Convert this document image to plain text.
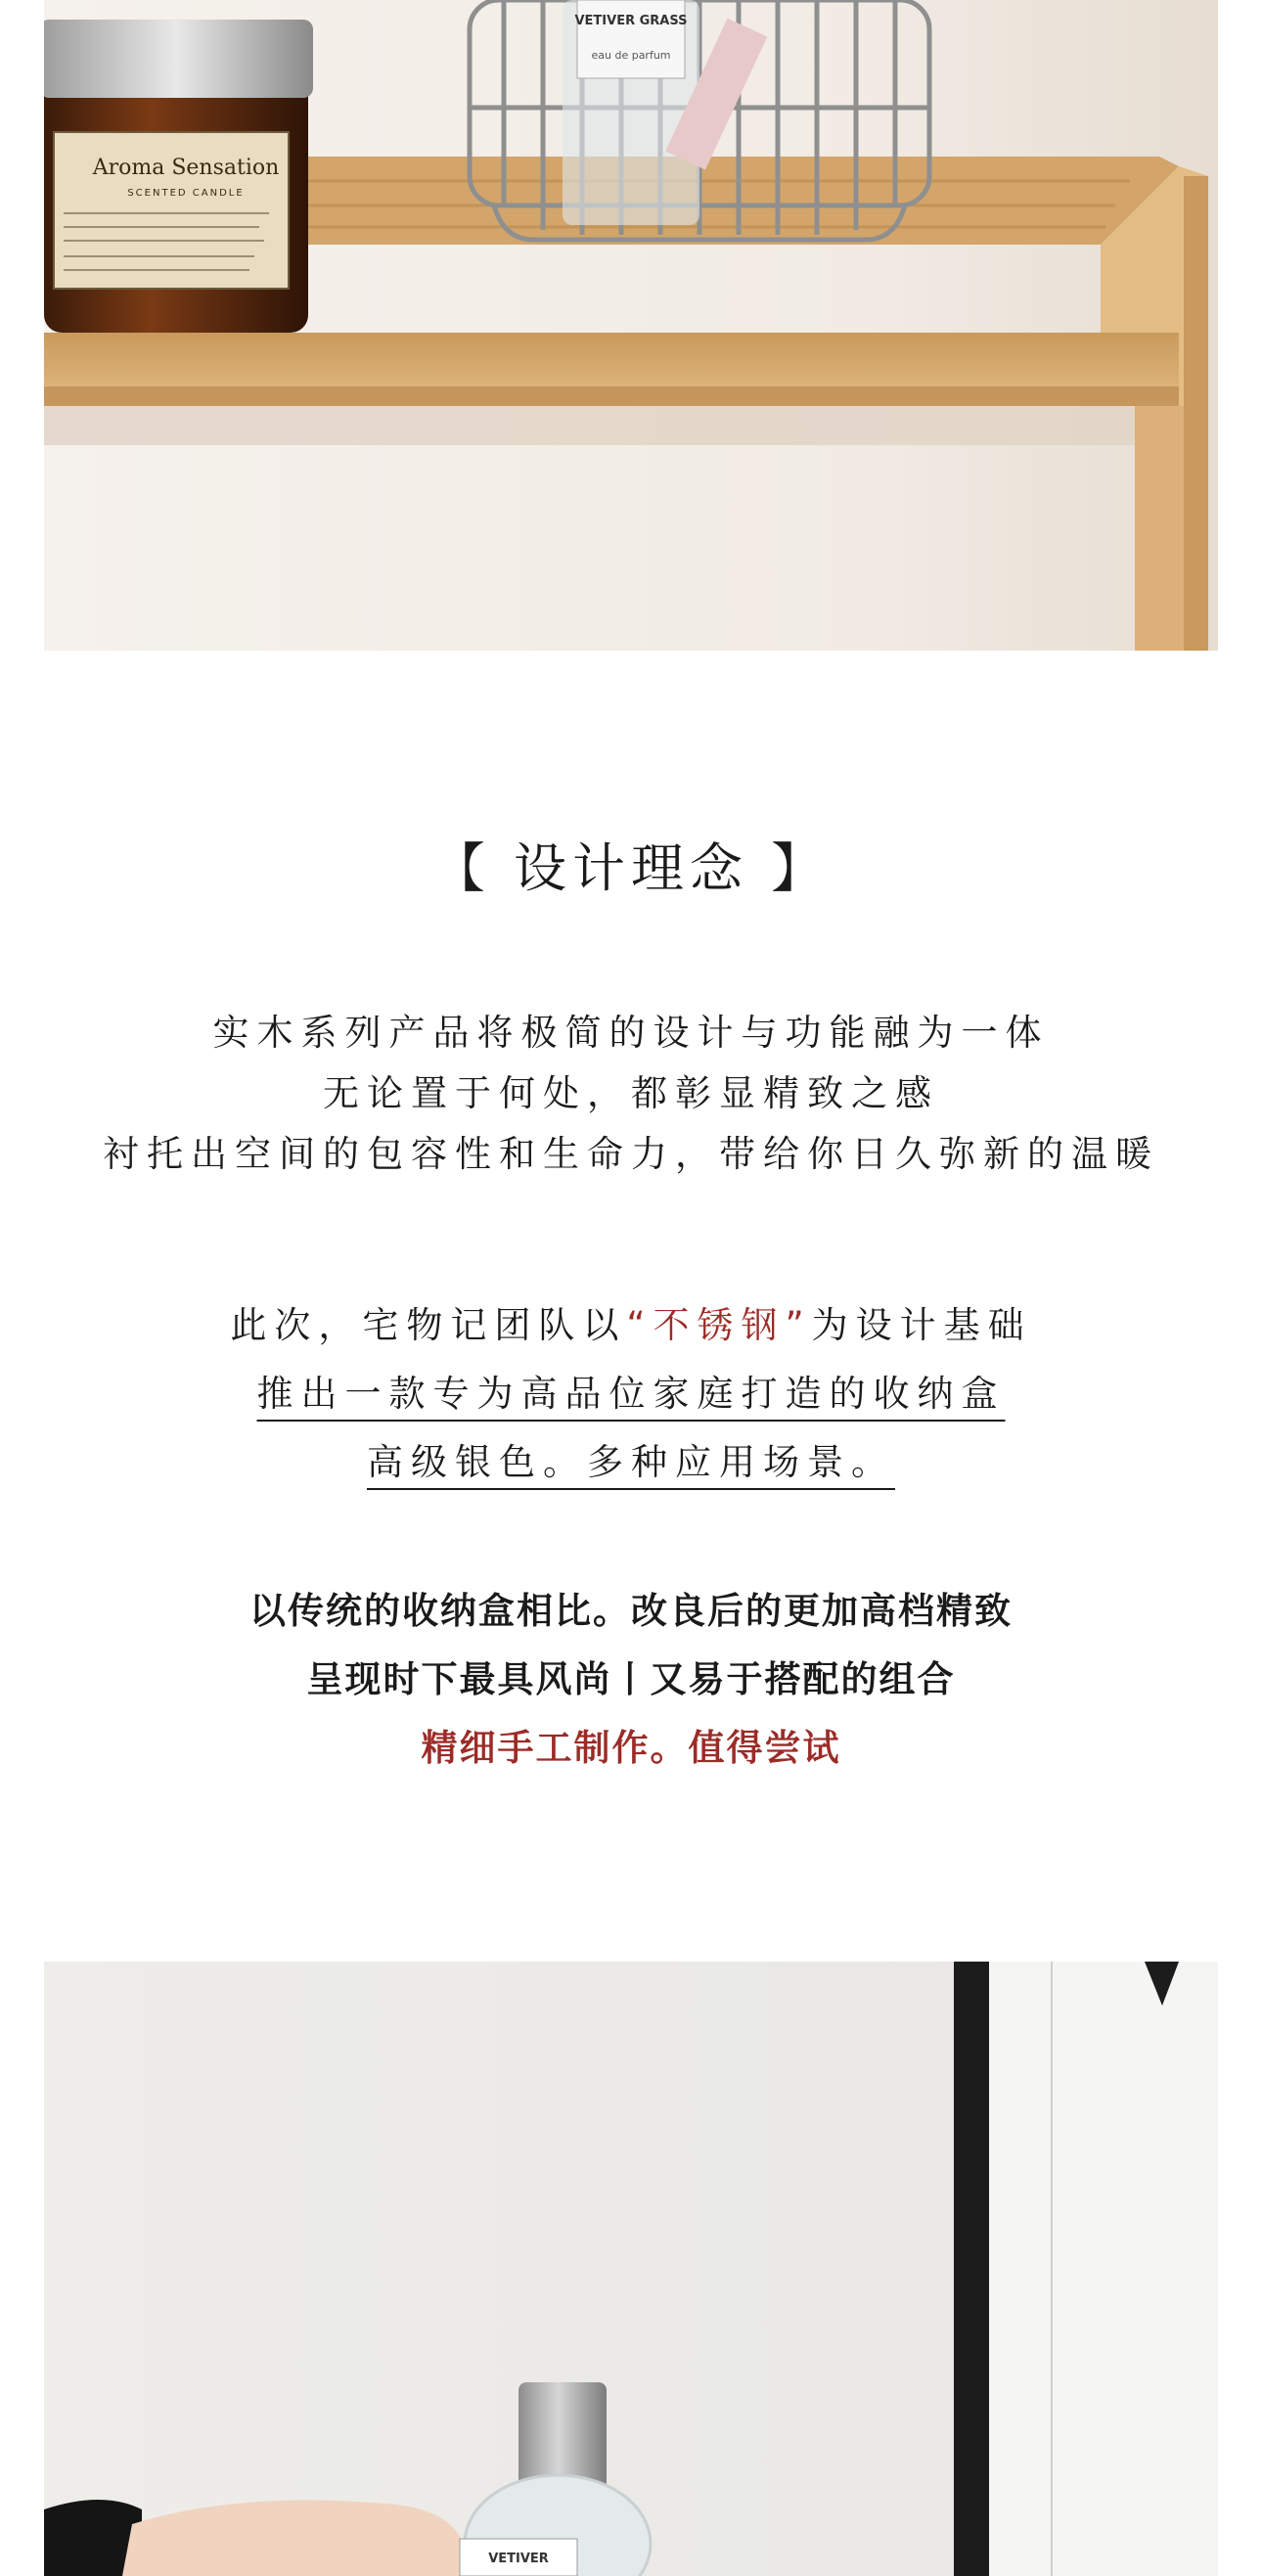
Aroma Sensation
SCENTED CANDLE
VETIVER GRASS
eau de parfum
【 设计理念 】
实木系列产品将极简的设计与功能融为一体
无论置于何处，都彰显精致之感
衬托出空间的包容性和生命力，带给你日久弥新的温暖
此次，宅物记团队以“不锈钢”为设计基础
推出一款专为高品位家庭打造的收纳盒
高级银色。多种应用场景。
以传统的收纳盒相比。改良后的更加高档精致
呈现时下最具风尚丨又易于搭配的组合
精细手工制作。值得尝试
VETIVER
